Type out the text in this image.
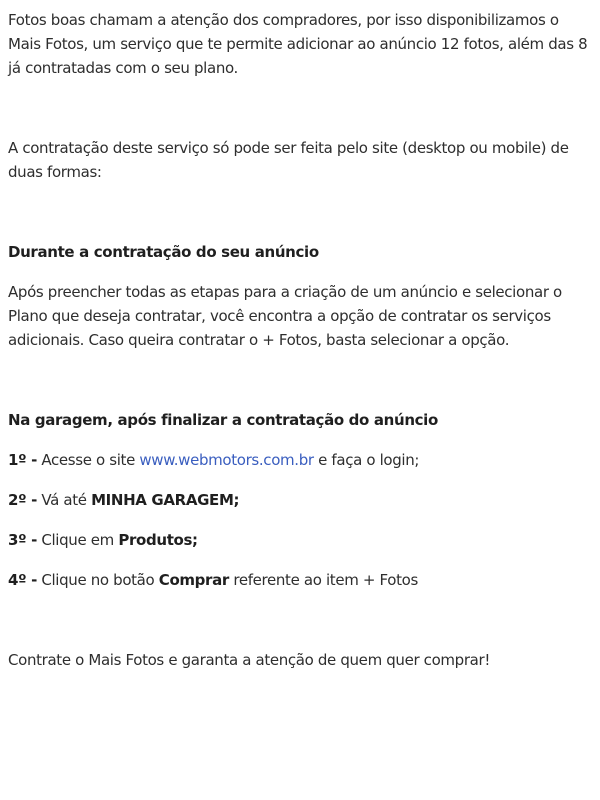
Fotos boas chamam a atenção dos compradores, por isso disponibilizamos o Mais Fotos, um serviço que te permite adicionar ao anúncio 12 fotos, além das 8 já contratadas com o seu plano.

A contratação deste serviço só pode ser feita pelo site (desktop ou mobile) de duas formas:

Durante a contratação do seu anúncio

Após preencher todas as etapas para a criação de um anúncio e selecionar o Plano que deseja contratar, você encontra a opção de contratar os serviços adicionais. Caso queira contratar o + Fotos, basta selecionar a opção.

Na garagem, após finalizar a contratação do anúncio

1º - Acesse o site www.webmotors.com.br e faça o login;

2º - Vá até MINHA GARAGEM;

3º - Clique em Produtos;

4º - Clique no botão Comprar referente ao item + Fotos

Contrate o Mais Fotos e garanta a atenção de quem quer comprar!
